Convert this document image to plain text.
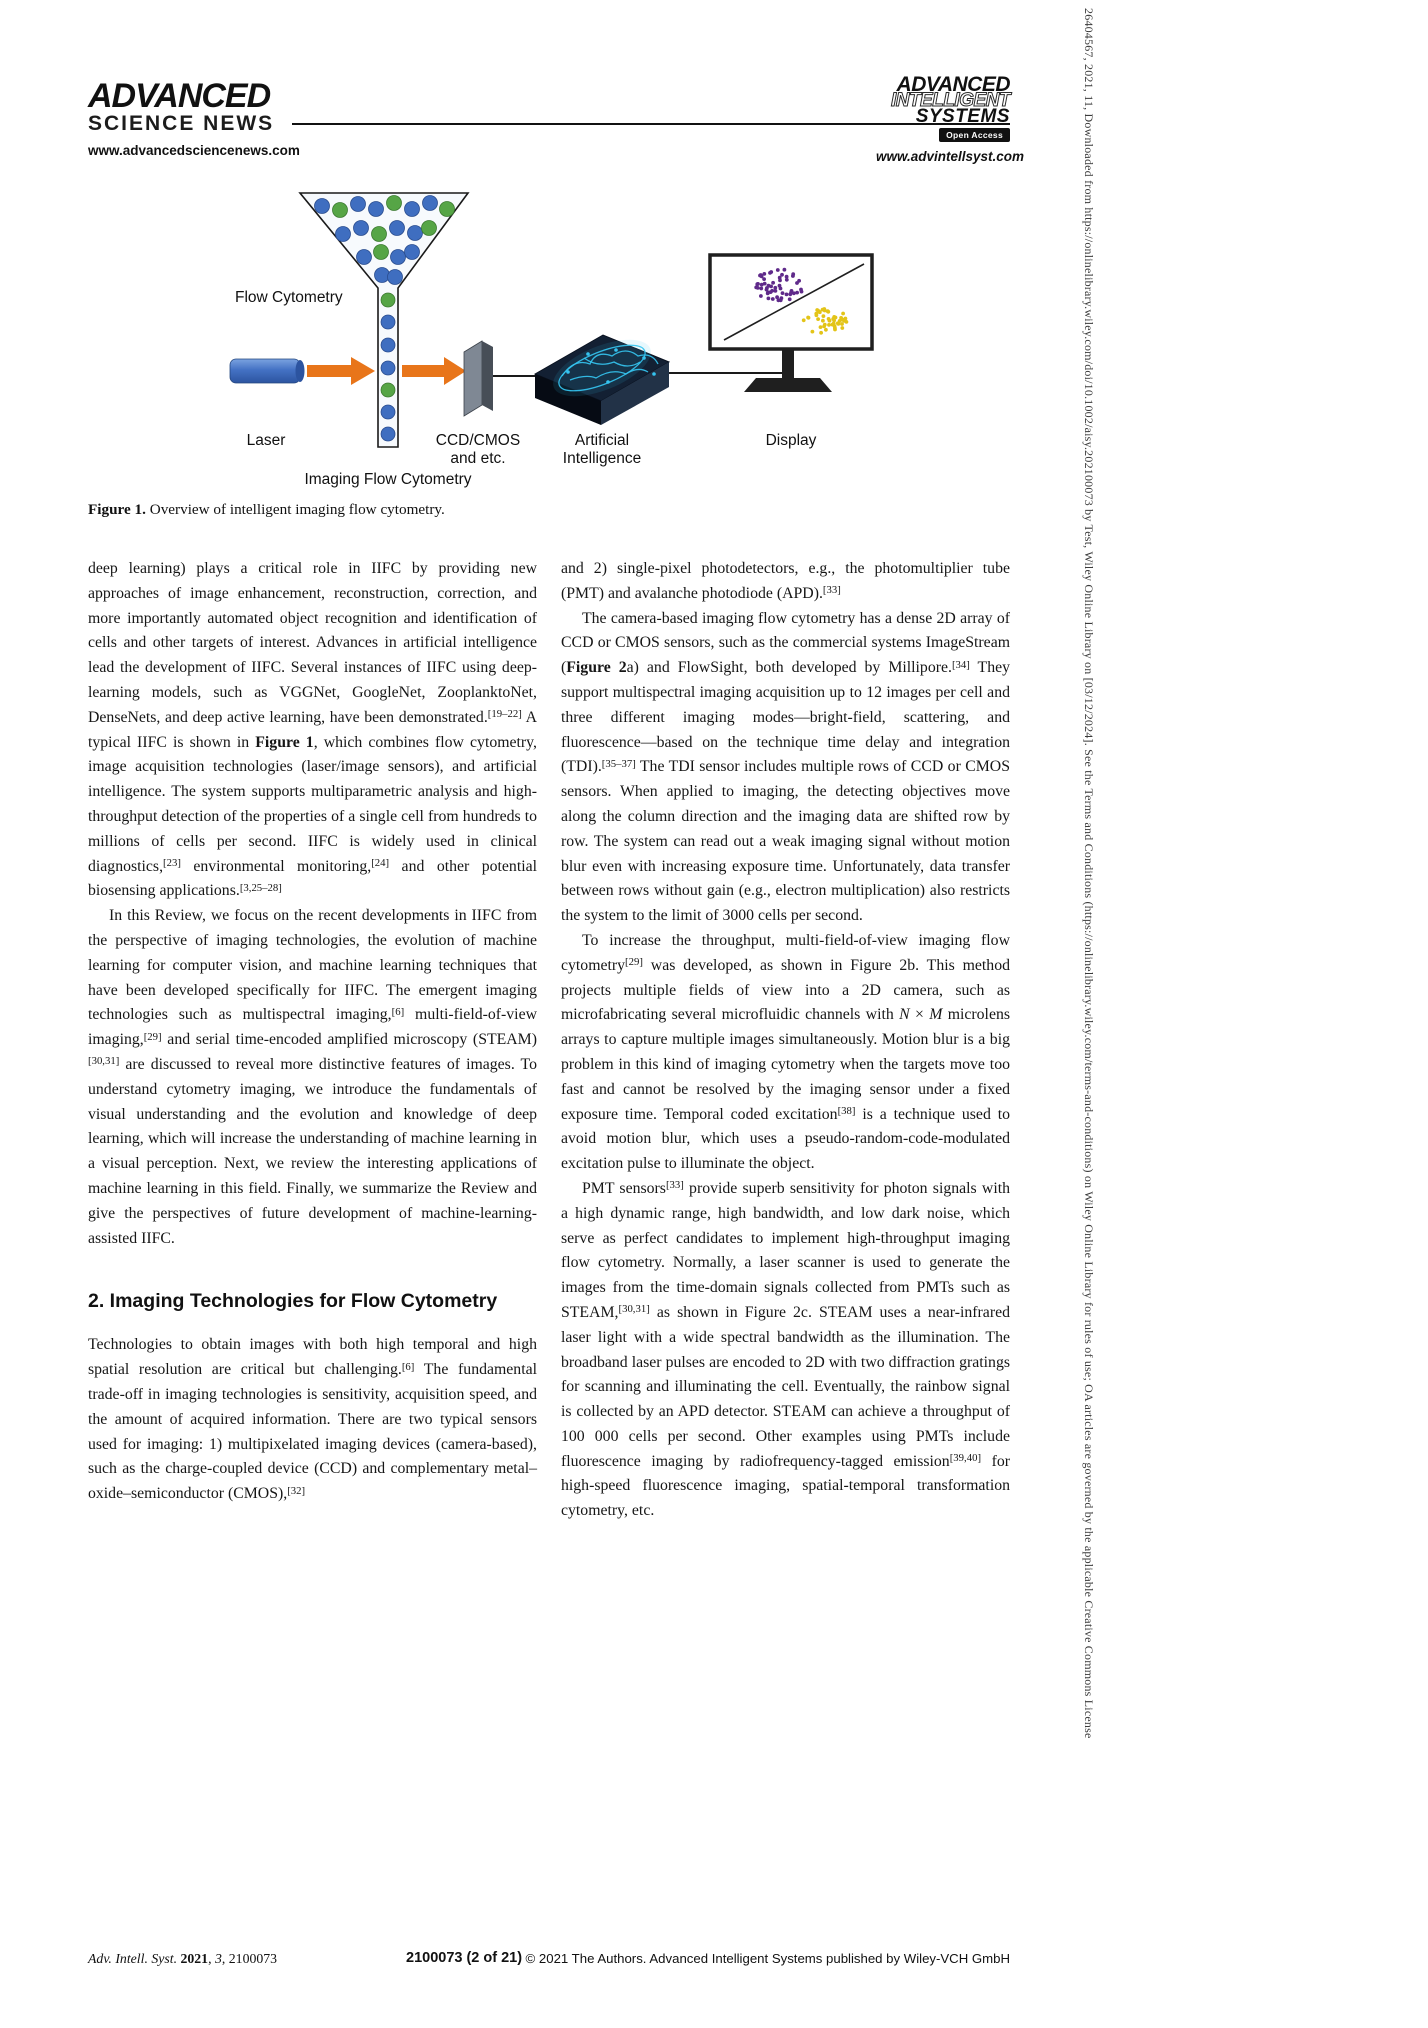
ADVANCED
SCIENCE NEWS
www.advancedsciencenews.com
ADVANCED
INTELLIGENT
SYSTEMS
Open Access
www.advintellsyst.com
Flow Cytometry
Laser	CCD/CMOS
and etc.
Artificial
Intelligence
Display
Imaging Flow Cytometry
Figure 1. Overview of intelligent imaging flow cytometry.

deep learning) plays a critical role in IIFC by providing new approaches of image enhancement, reconstruction, correction, and more importantly automated object recognition and identification of cells and other targets of interest. Advances in artificial intelligence lead the development of IIFC. Several instances of IIFC using deep-learning models, such as VGGNet, GoogleNet, ZooplanktoNet, DenseNets, and deep active learning, have been demonstrated.[19–22] A typical IIFC is shown in Figure 1, which combines flow cytometry, image acquisition technologies (laser/image sensors), and artificial intelligence. The system supports multiparametric analysis and high-throughput detection of the properties of a single cell from hundreds to millions of cells per second. IIFC is widely used in clinical diagnostics,[23] environmental monitoring,[24] and other potential biosensing applications.[3,25–28]

In this Review, we focus on the recent developments in IIFC from the perspective of imaging technologies, the evolution of machine learning for computer vision, and machine learning techniques that have been developed specifically for IIFC. The emergent imaging technologies such as multispectral imaging,[6] multi-field-of-view imaging,[29] and serial time-encoded amplified microscopy (STEAM)[30,31] are discussed to reveal more distinctive features of images. To understand cytometry imaging, we introduce the fundamentals of visual understanding and the evolution and knowledge of deep learning, which will increase the understanding of machine learning in a visual perception. Next, we review the interesting applications of machine learning in this field. Finally, we summarize the Review and give the perspectives of future development of machine-learning-assisted IIFC.

2. Imaging Technologies for Flow Cytometry

Technologies to obtain images with both high temporal and high spatial resolution are critical but challenging.[6] The fundamental trade-off in imaging technologies is sensitivity, acquisition speed, and the amount of acquired information. There are two typical sensors used for imaging: 1) multipixelated imaging devices (camera-based), such as the charge-coupled device (CCD) and complementary metal–oxide–semiconductor (CMOS),[32]

and 2) single-pixel photodetectors, e.g., the photomultiplier tube (PMT) and avalanche photodiode (APD).[33]

The camera-based imaging flow cytometry has a dense 2D array of CCD or CMOS sensors, such as the commercial systems ImageStream (Figure 2a) and FlowSight, both developed by Millipore.[34] They support multispectral imaging acquisition up to 12 images per cell and three different imaging modes—bright-field, scattering, and fluorescence—based on the technique time delay and integration (TDI).[35–37] The TDI sensor includes multiple rows of CCD or CMOS sensors. When applied to imaging, the detecting objectives move along the column direction and the imaging data are shifted row by row. The system can read out a weak imaging signal without motion blur even with increasing exposure time. Unfortunately, data transfer between rows without gain (e.g., electron multiplication) also restricts the system to the limit of 3000 cells per second.

To increase the throughput, multi-field-of-view imaging flow cytometry[29] was developed, as shown in Figure 2b. This method projects multiple fields of view into a 2D camera, such as microfabricating several microfluidic channels with N × M microlens arrays to capture multiple images simultaneously. Motion blur is a big problem in this kind of imaging cytometry when the targets move too fast and cannot be resolved by the imaging sensor under a fixed exposure time. Temporal coded excitation[38] is a technique used to avoid motion blur, which uses a pseudo-random-code-modulated excitation pulse to illuminate the object.

PMT sensors[33] provide superb sensitivity for photon signals with a high dynamic range, high bandwidth, and low dark noise, which serve as perfect candidates to implement high-throughput imaging flow cytometry. Normally, a laser scanner is used to generate the images from the time-domain signals collected from PMTs such as STEAM,[30,31] as shown in Figure 2c. STEAM uses a near-infrared laser light with a wide spectral bandwidth as the illumination. The broadband laser pulses are encoded to 2D with two diffraction gratings for scanning and illuminating the cell. Eventually, the rainbow signal is collected by an APD detector. STEAM can achieve a throughput of 100 000 cells per second. Other examples using PMTs include fluorescence imaging by radiofrequency-tagged emission[39,40] for high-speed fluorescence imaging, spatial-temporal transformation cytometry, etc.

Adv. Intell. Syst. 2021, 3, 2100073	2100073 (2 of 21) © 2021 The Authors. Advanced Intelligent Systems published by Wiley-VCH GmbH
26404567, 2021, 11, Downloaded from https://onlinelibrary.wiley.com/doi/10.1002/aisy.202100073 by Test, Wiley Online Library on [03/12/2024]. See the Terms and Conditions (https://onlinelibrary.wiley.com/terms-and-conditions) on Wiley Online Library for rules of use; OA articles are governed by the applicable Creative Commons License
